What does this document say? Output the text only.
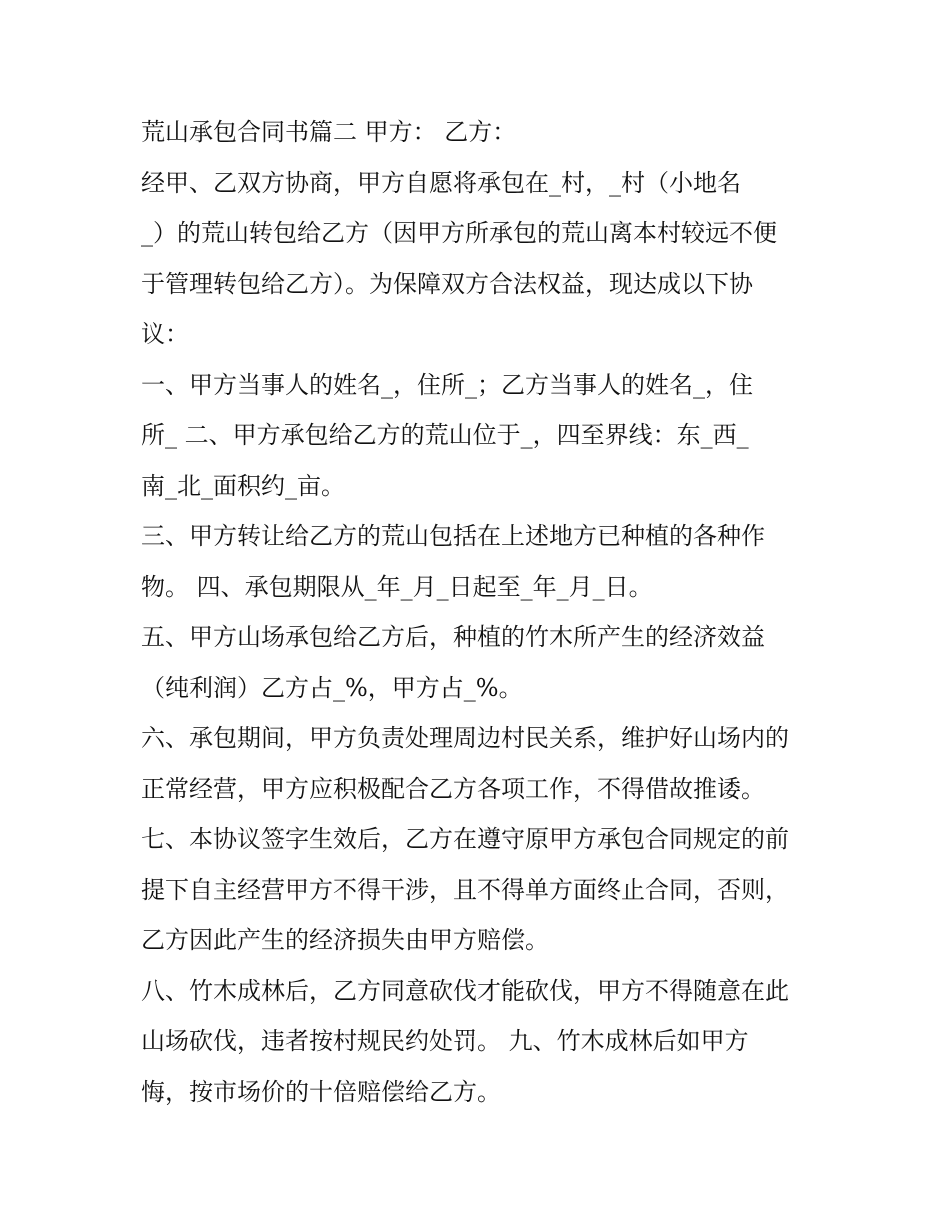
荒山承包合同书篇二 甲方： 乙方：
经甲、乙双方协商，甲方自愿将承包在_村，_村（小地名
_）的荒山转包给乙方（因甲方所承包的荒山离本村较远不便
于管理转包给乙方）。为保障双方合法权益，现达成以下协
议：
一、甲方当事人的姓名_，住所_；乙方当事人的姓名_，住
所_ 二、甲方承包给乙方的荒山位于_，四至界线：东_西_
南_北_面积约_亩。
三、甲方转让给乙方的荒山包括在上述地方已种植的各种作
物。 四、承包期限从_年_月_日起至_年_月_日。
五、甲方山场承包给乙方后，种植的竹木所产生的经济效益
（纯利润）乙方占_%，甲方占_%。
六、承包期间，甲方负责处理周边村民关系，维护好山场内的
正常经营，甲方应积极配合乙方各项工作，不得借故推诿。
七、本协议签字生效后，乙方在遵守原甲方承包合同规定的前
提下自主经营甲方不得干涉，且不得单方面终止合同，否则，
乙方因此产生的经济损失由甲方赔偿。
八、竹木成林后，乙方同意砍伐才能砍伐，甲方不得随意在此
山场砍伐，违者按村规民约处罚。 九、竹木成林后如甲方
悔，按市场价的十倍赔偿给乙方。
